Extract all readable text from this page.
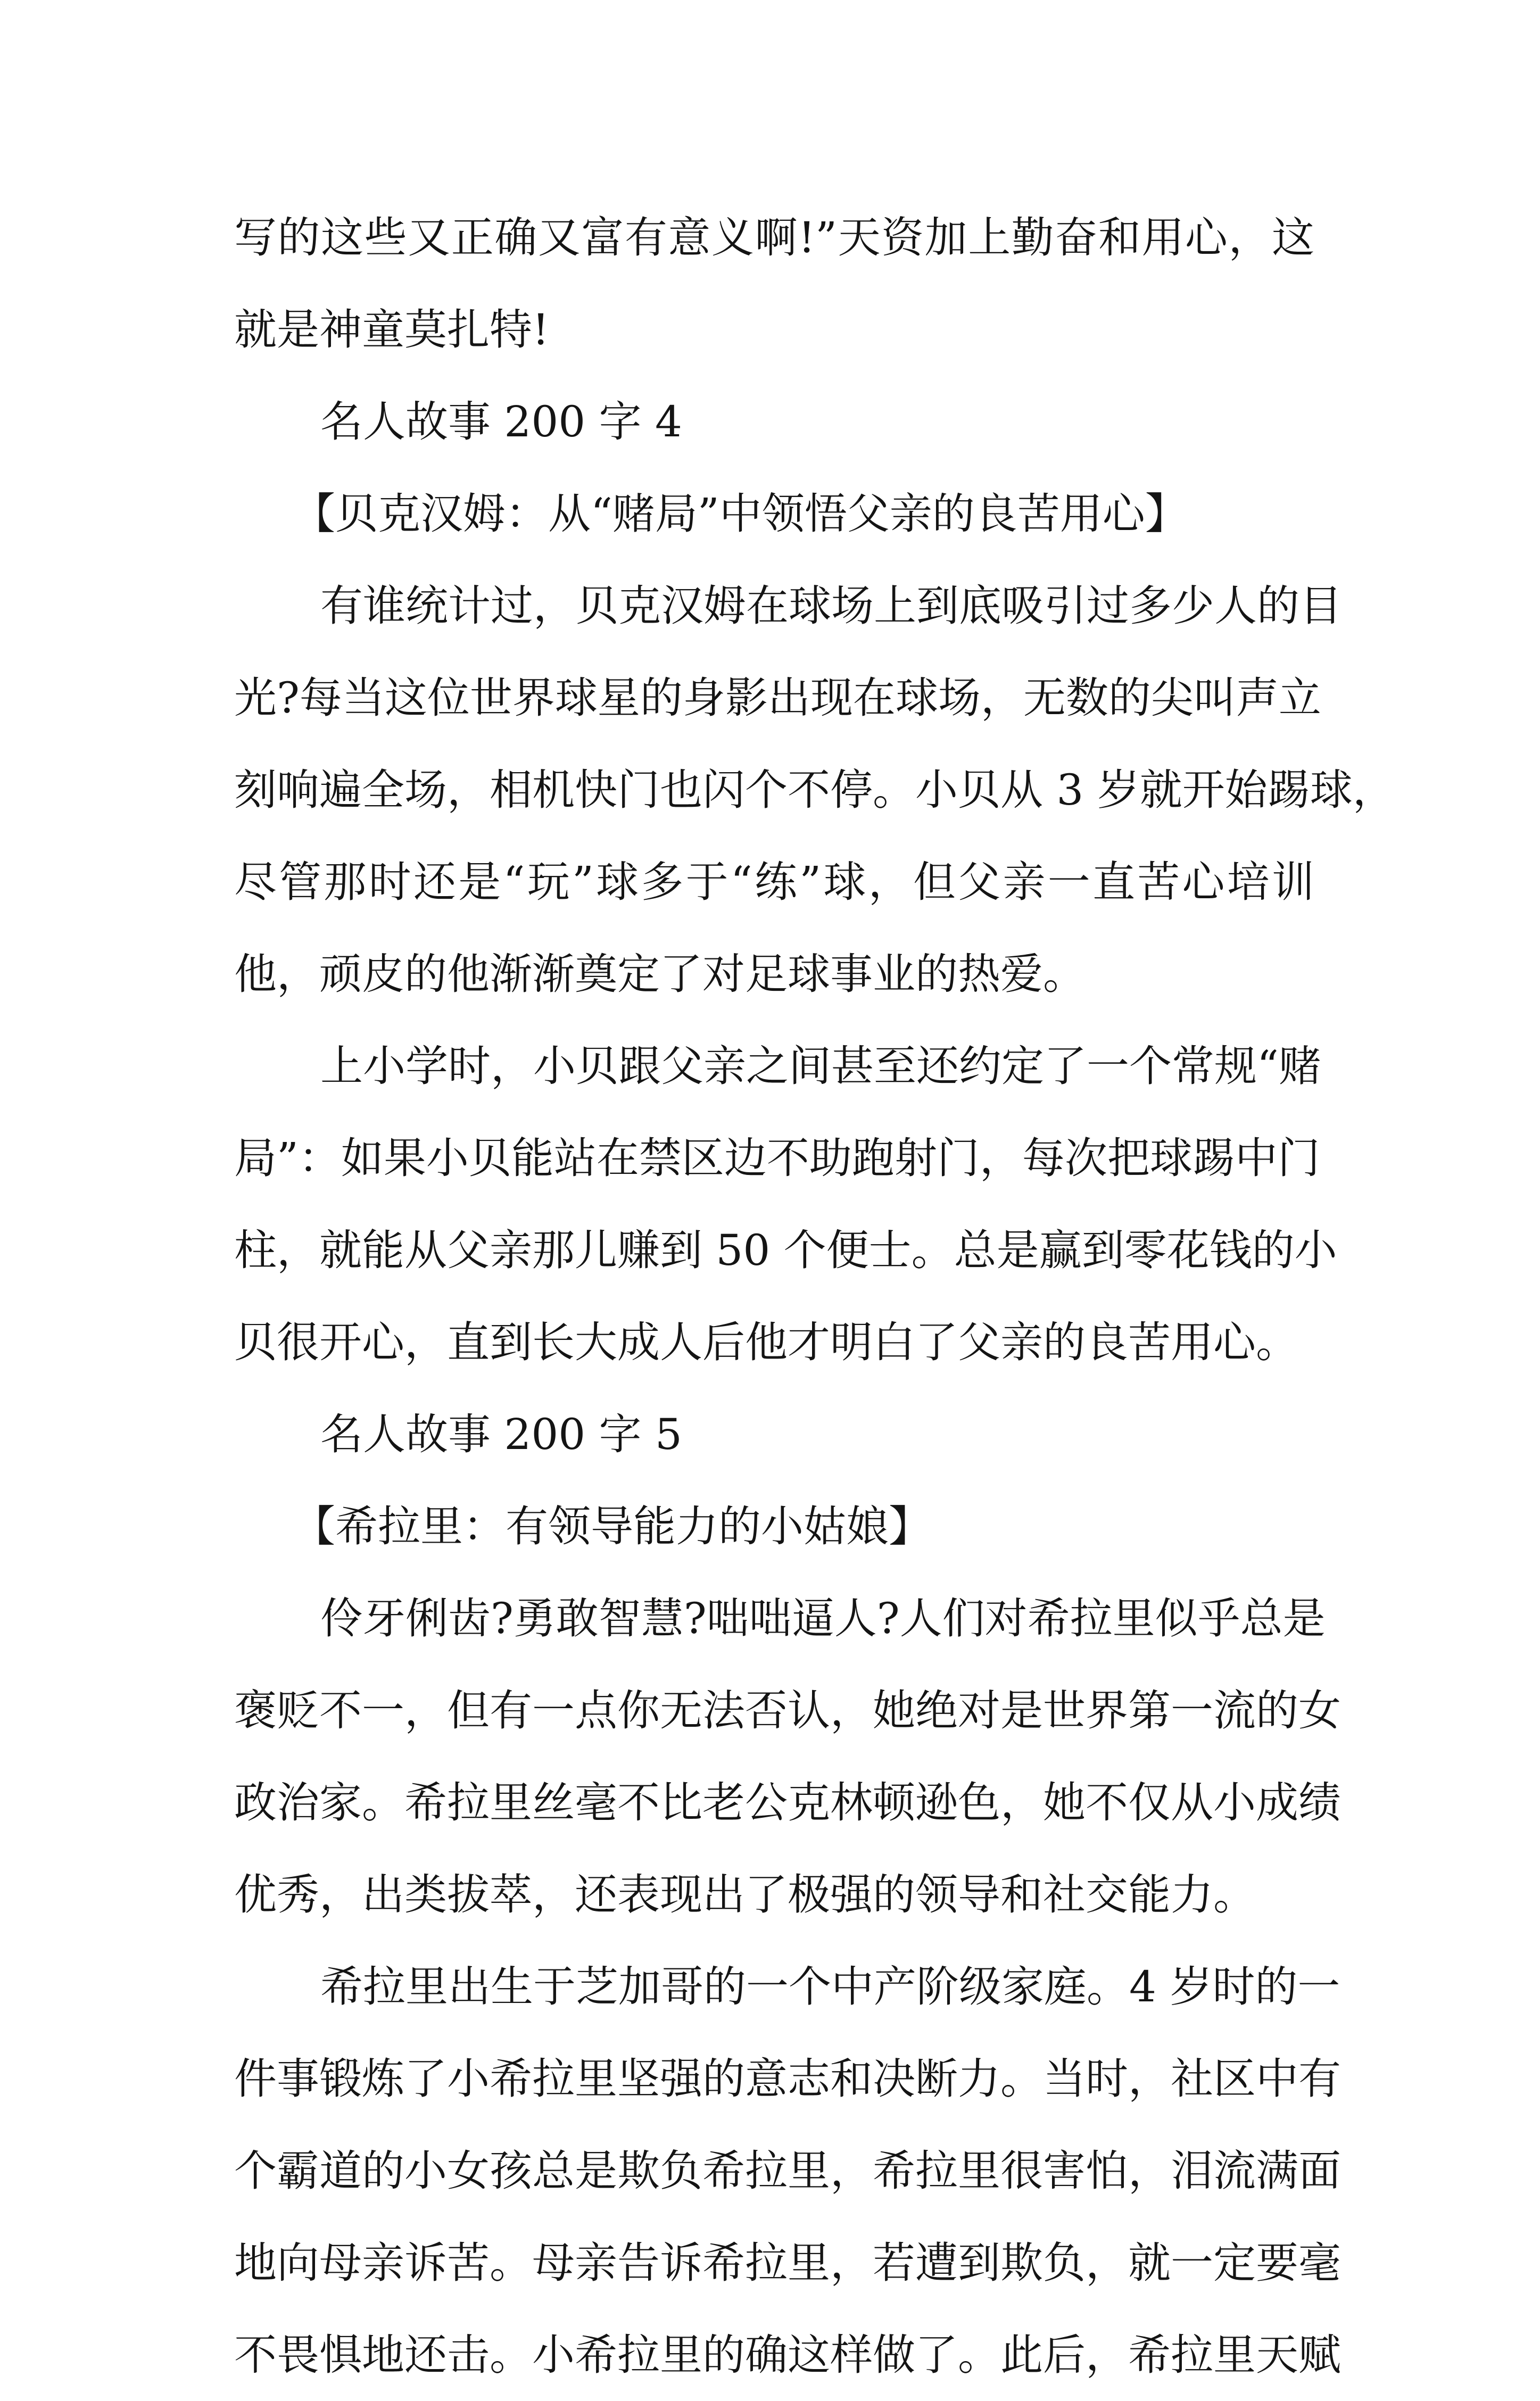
写的这些又正确又富有意义啊!”天资加上勤奋和用心，这
就是神童莫扎特!
名人故事 200 字 4
【贝克汉姆：从“赌局”中领悟父亲的良苦用心】
有谁统计过，贝克汉姆在球场上到底吸引过多少人的目
光?每当这位世界球星的身影出现在球场，无数的尖叫声立
刻响遍全场，相机快门也闪个不停。小贝从 3 岁就开始踢球，
尽管那时还是“玩”球多于“练”球，但父亲一直苦心培训
他，顽皮的他渐渐奠定了对足球事业的热爱。
上小学时，小贝跟父亲之间甚至还约定了一个常规“赌
局”：如果小贝能站在禁区边不助跑射门，每次把球踢中门
柱，就能从父亲那儿赚到 50 个便士。总是赢到零花钱的小
贝很开心，直到长大成人后他才明白了父亲的良苦用心。
名人故事 200 字 5
【希拉里：有领导能力的小姑娘】
伶牙俐齿?勇敢智慧?咄咄逼人?人们对希拉里似乎总是
褒贬不一，但有一点你无法否认，她绝对是世界第一流的女
政治家。希拉里丝毫不比老公克林顿逊色，她不仅从小成绩
优秀，出类拔萃，还表现出了极强的领导和社交能力。
希拉里出生于芝加哥的一个中产阶级家庭。4 岁时的一
件事锻炼了小希拉里坚强的意志和决断力。当时，社区中有
个霸道的小女孩总是欺负希拉里，希拉里很害怕，泪流满面
地向母亲诉苦。母亲告诉希拉里，若遭到欺负，就一定要毫
不畏惧地还击。小希拉里的确这样做了。此后，希拉里天赋
